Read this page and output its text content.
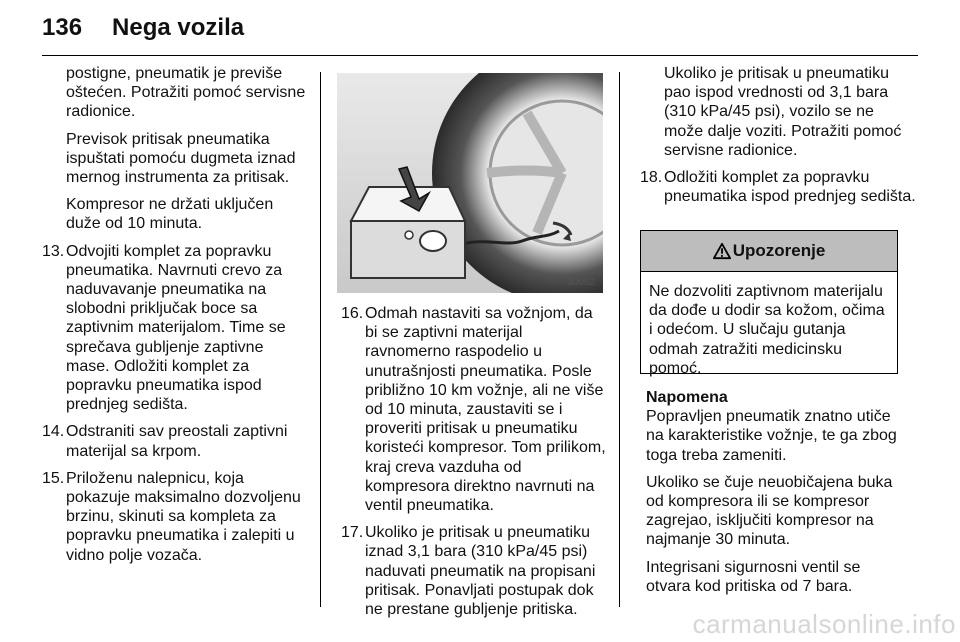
136 Nega vozila

postigne, pneumatik je previše oštećen. Potražiti pomoć servisne radionice.

Previsok pritisak pneumatika ispuštati pomoću dugmeta iznad mernog instrumenta za pritisak.

Kompresor ne držati uključen duže od 10 minuta.

13. Odvojiti komplet za popravku pneumatika. Navrnuti crevo za naduvavanje pneumatika na slobodni priključak boce sa zaptivnim materijalom. Time se sprečava gubljenje zaptivne mase. Odložiti komplet za popravku pneumatika ispod prednjeg sedišta.
14. Odstraniti sav preostali zaptivni materijal sa krpom.
15. Priloženu nalepnicu, koja pokazuje maksimalno dozvoljenu brzinu, skinuti sa kompleta za popravku pneumatika i zalepiti u vidno polje vozača.
30062
16. Odmah nastaviti sa vožnjom, da bi se zaptivni materijal ravnomerno raspodelio u unutrašnjosti pneumatika. Posle približno 10 km vožnje, ali ne više od 10 minuta, zaustaviti se i proveriti pritisak u pneumatiku koristeći kompresor. Tom prilikom, kraj creva vazduha od kompresora direktno navrnuti na ventil pneumatika.
17. Ukoliko je pritisak u pneumatiku iznad 3,1 bara (310 kPa/45 psi) naduvati pneumatik na propisani pritisak. Ponavljati postupak dok ne prestane gubljenje pritiska.

Ukoliko je pritisak u pneumatiku pao ispod vrednosti od 3,1 bara (310 kPa/45 psi), vozilo se ne može dalje voziti. Potražiti pomoć servisne radionice.

18. Odložiti komplet za popravku pneumatika ispod prednjeg sedišta.
Upozorenje
Ne dozvoliti zaptivnom materijalu da dođe u dodir sa kožom, očima i odećom. U slučaju gutanja odmah zatražiti medicinsku pomoć.

Napomena

Popravljen pneumatik znatno utiče na karakteristike vožnje, te ga zbog toga treba zameniti.

Ukoliko se čuje neuobičajena buka od kompresora ili se kompresor zagrejao, isključiti kompresor na najmanje 30 minuta.

Integrisani sigurnosni ventil se otvara kod pritiska od 7 bara.

carmanualsonline.info
